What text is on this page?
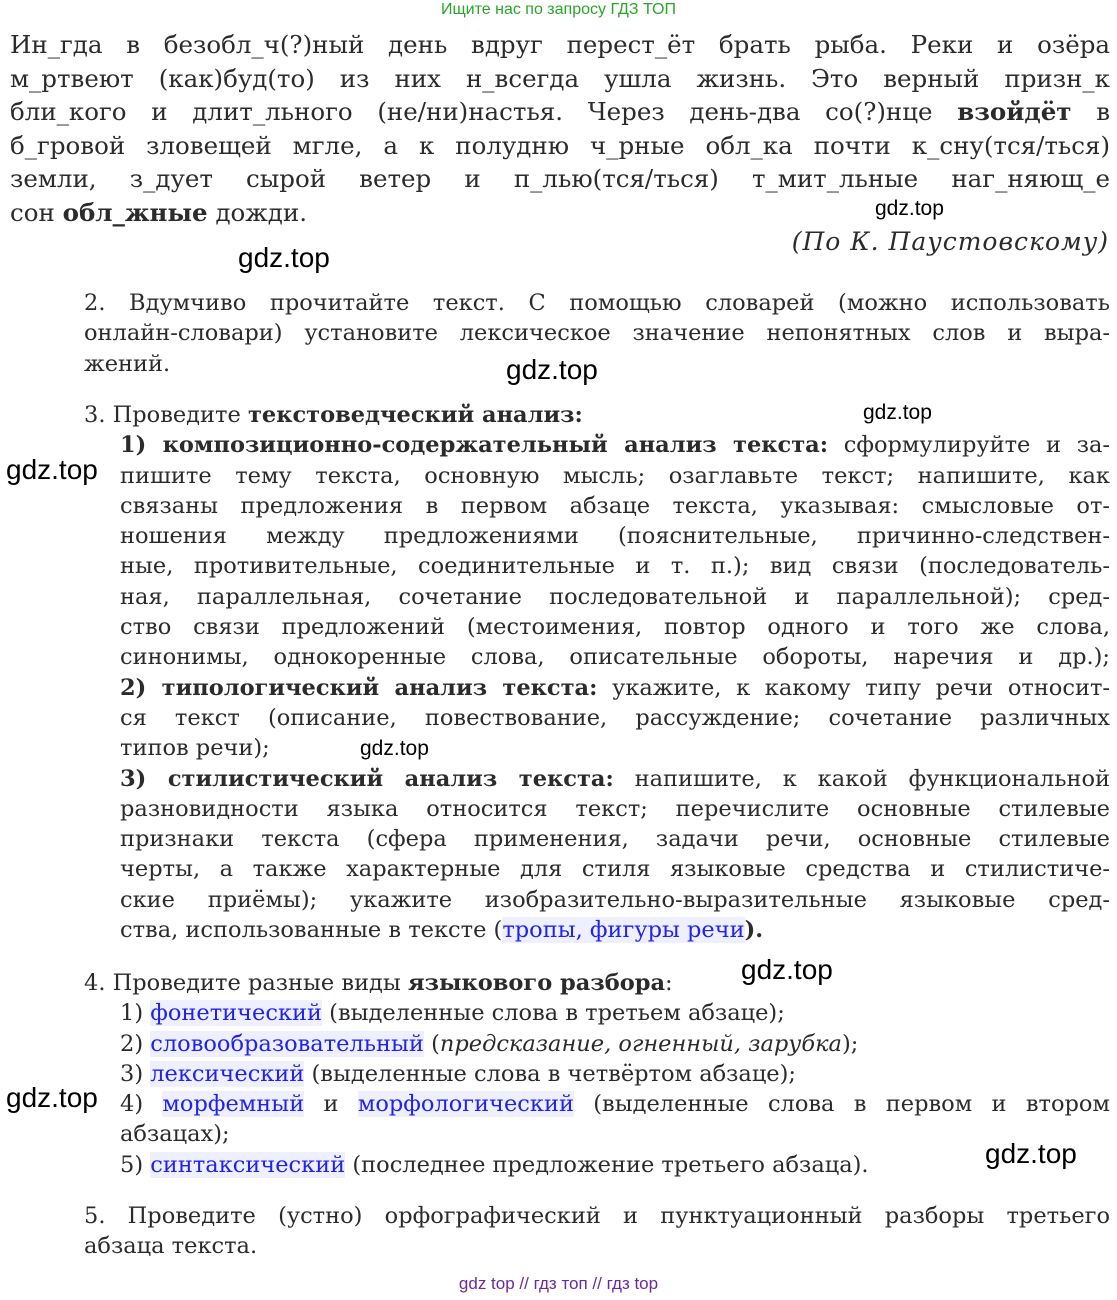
Ищите нас по запросу ГДЗ ТОП
Ин_гда в безобл_ч(?)ный день вдруг перест_ёт брать рыба. Реки и озёра
м_ртвеют (как)буд(то) из них н_всегда ушла жизнь. Это верный призн_к
бли_кого и длит_льного (не/ни)настья. Через день-два со(?)нце взойдёт в
б_гровой зловещей мгле, а к полудню ч_рные обл_ка почти к_сну(тся/ться)
земли, з_дует сырой ветер и п_лью(тся/ться) т_мит_льные наг_няющ_е
сон обл_жные дожди.
(По К. Паустовскому)
2. Вдумчиво прочитайте текст. С помощью словарей (можно использовать
онлайн-словари) установите лексическое значение непонятных слов и выра-
жений.
3. Проведите текстоведческий анализ:
1) композиционно-содержательный анализ текста: сформулируйте и за-
пишите тему текста, основную мысль; озаглавьте текст; напишите, как
связаны предложения в первом абзаце текста, указывая: смысловые от-
ношения между предложениями (пояснительные, причинно-следствен-
ные, противительные, соединительные и т. п.); вид связи (последователь-
ная, параллельная, сочетание последовательной и параллельной); сред-
ство связи предложений (местоимения, повтор одного и того же слова,
синонимы, однокоренные слова, описательные обороты, наречия и др.);
2) типологический анализ текста: укажите, к какому типу речи относит-
ся текст (описание, повествование, рассуждение; сочетание различных
типов речи);
3) стилистический анализ текста: напишите, к какой функциональной
разновидности языка относится текст; перечислите основные стилевые
признаки текста (сфера применения, задачи речи, основные стилевые
черты, а также характерные для стиля языковые средства и стилистиче-
ские приёмы); укажите изобразительно-выразительные языковые сред-
ства, использованные в тексте (тропы, фигуры речи).
4. Проведите разные виды языкового разбора:
1) фонетический (выделенные слова в третьем абзаце);
2) словообразовательный (предсказание, огненный, зарубка);
3) лексический (выделенные слова в четвёртом абзаце);
4) морфемный и морфологический (выделенные слова в первом и втором
абзацах);
5) синтаксический (последнее предложение третьего абзаца).
5. Проведите (устно) орфографический и пунктуационный разборы третьего
абзаца текста.
gdz.top
gdz.top
gdz.top
gdz.top
gdz.top
gdz.top
gdz.top
gdz.top
gdz.top
gdz top // гдз топ // гдз top
